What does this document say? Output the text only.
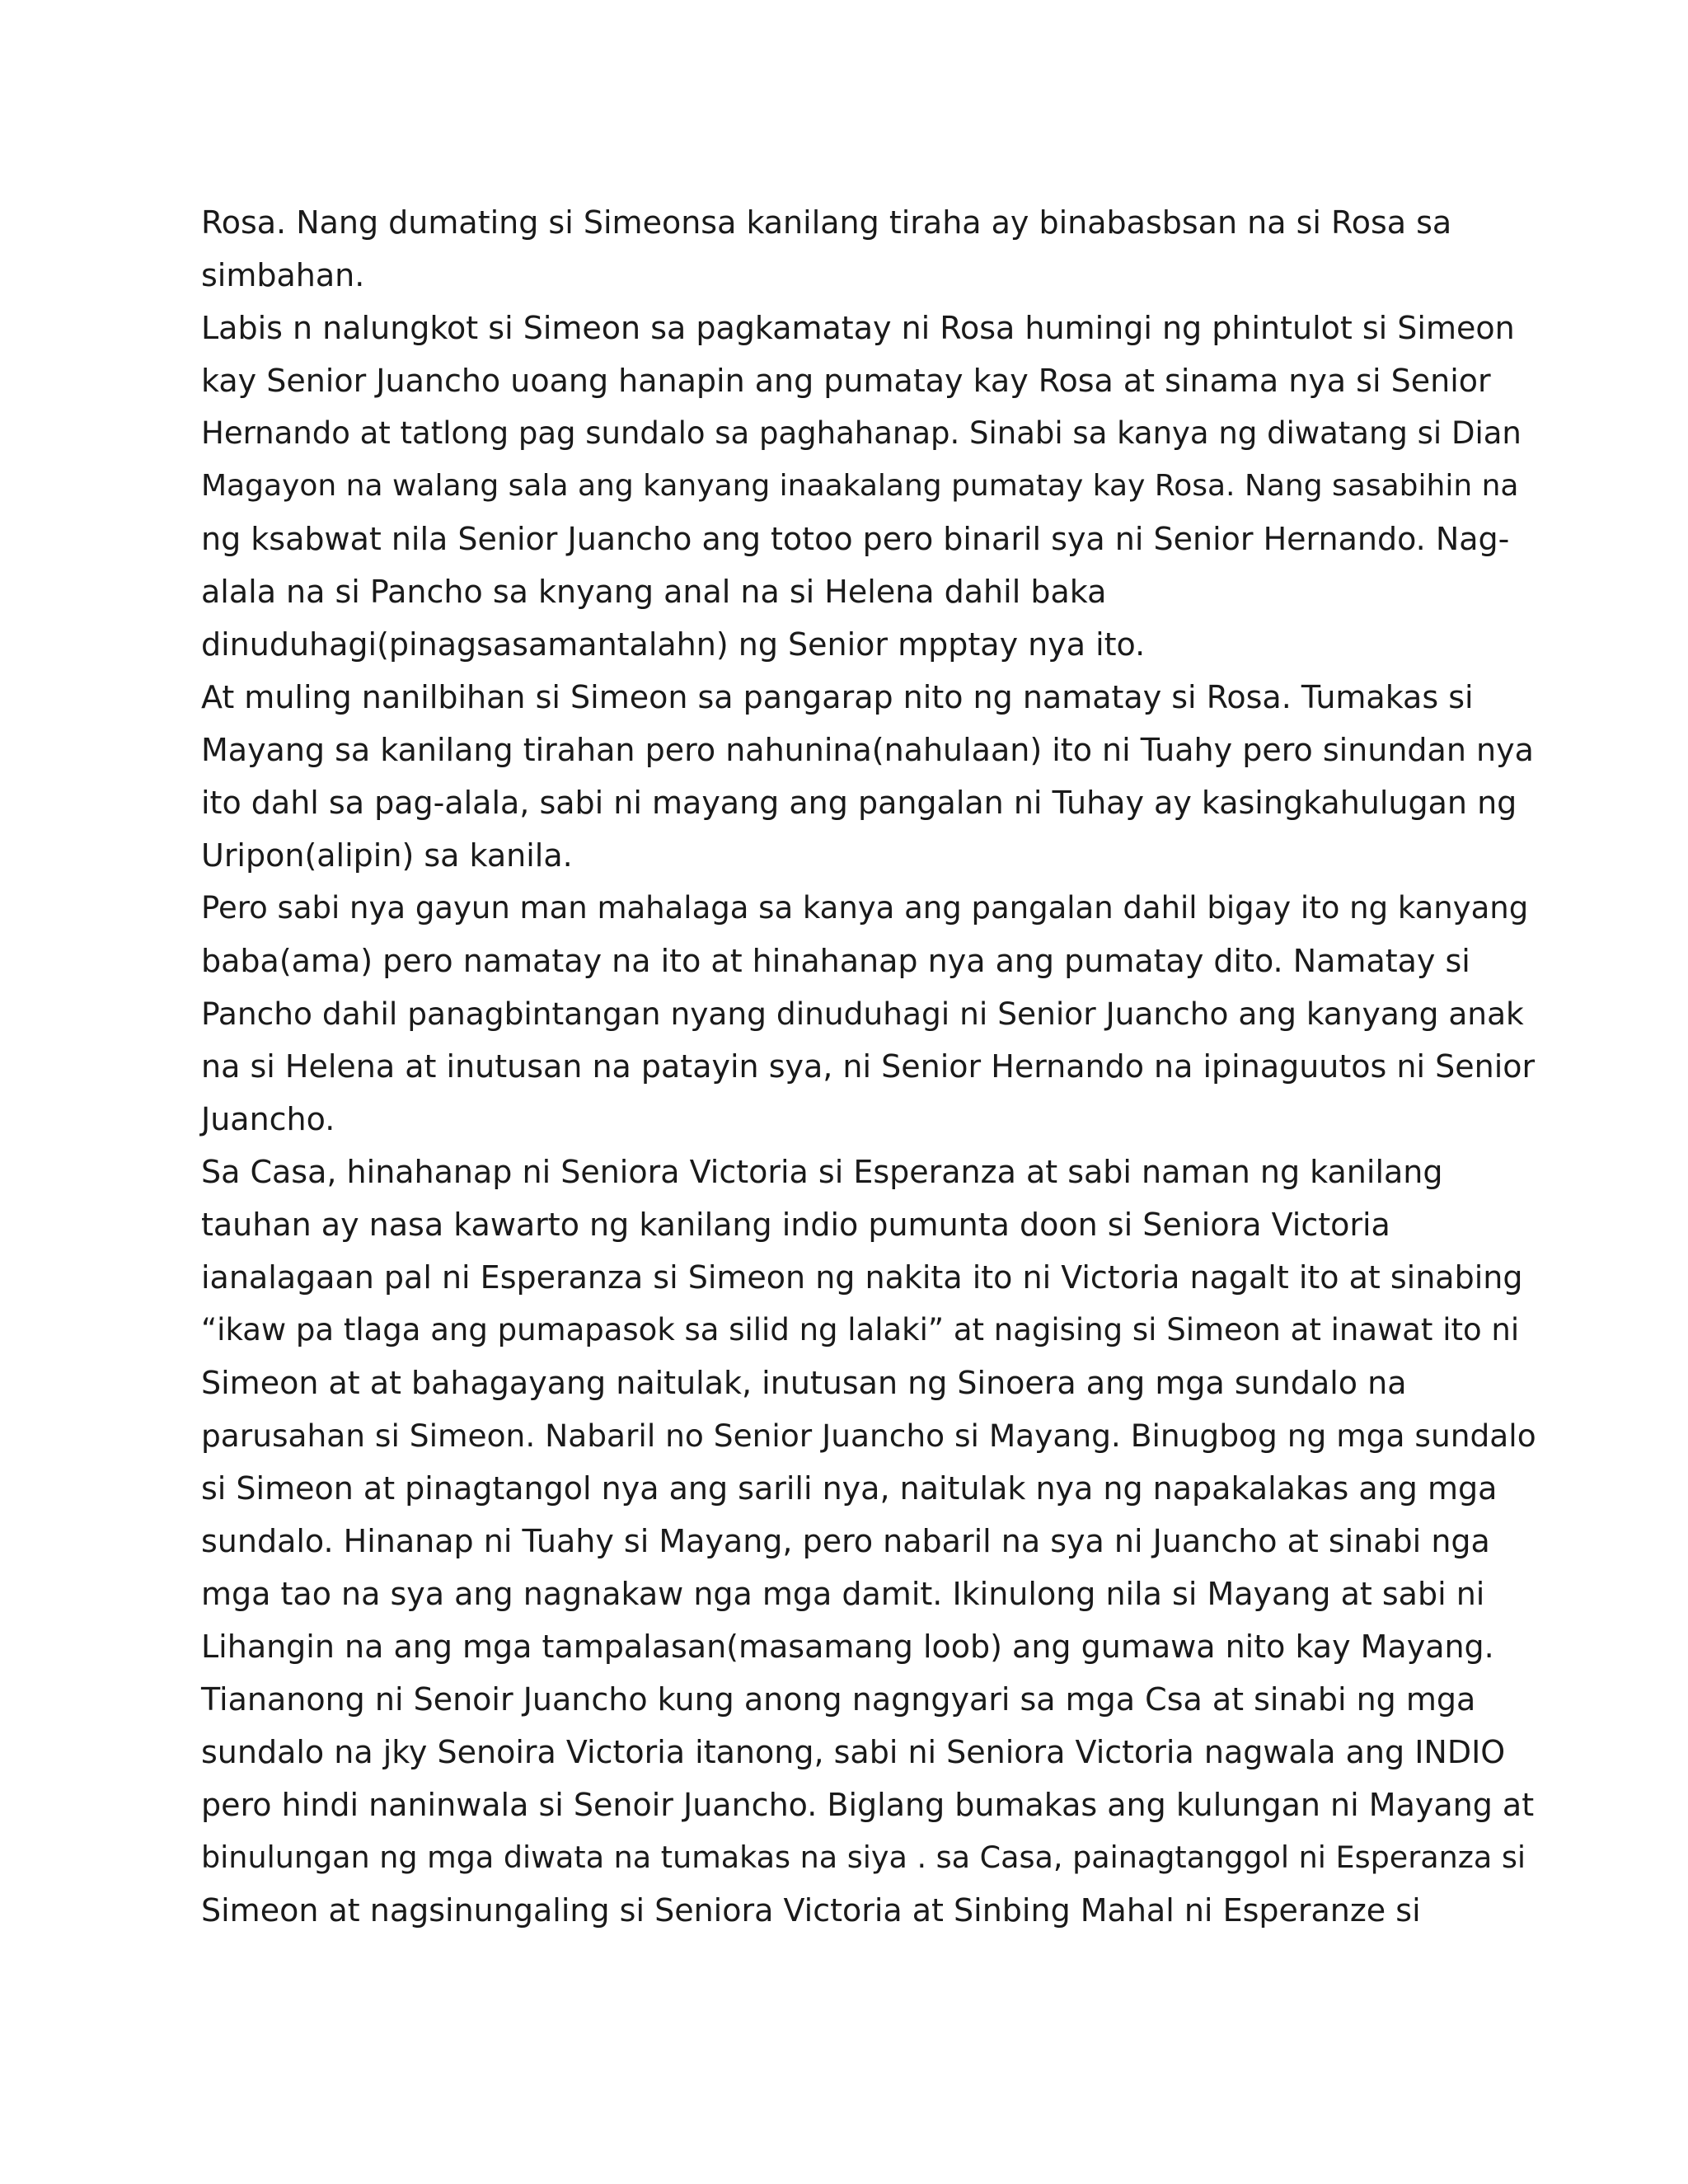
Rosa. Nang dumating si Simeonsa kanilang tiraha ay binabasbsan na si Rosa sa
simbahan.
Labis n nalungkot si Simeon sa pagkamatay ni Rosa humingi ng phintulot si Simeon
kay Senior Juancho uoang hanapin ang pumatay kay Rosa at sinama nya si Senior
Hernando at tatlong pag sundalo sa paghahanap. Sinabi sa kanya ng diwatang si Dian
Magayon na walang sala ang kanyang inaakalang pumatay kay Rosa. Nang sasabihin na
ng ksabwat nila Senior Juancho ang totoo pero binaril sya ni Senior Hernando. Nag-
alala na si Pancho sa knyang anal na si Helena dahil baka
dinuduhagi(pinagsasamantalahn) ng Senior mpptay nya ito.
At muling nanilbihan si Simeon sa pangarap nito ng namatay si Rosa. Tumakas si
Mayang sa kanilang tirahan pero nahunina(nahulaan) ito ni Tuahy pero sinundan nya
ito dahl sa pag-alala, sabi ni mayang ang pangalan ni Tuhay ay kasingkahulugan ng
Uripon(alipin) sa kanila.
Pero sabi nya gayun man mahalaga sa kanya ang pangalan dahil bigay ito ng kanyang
baba(ama) pero namatay na ito at hinahanap nya ang pumatay dito. Namatay si
Pancho dahil panagbintangan nyang dinuduhagi ni Senior Juancho ang kanyang anak
na si Helena at inutusan na patayin sya, ni Senior Hernando na ipinaguutos ni Senior
Juancho.
Sa Casa, hinahanap ni Seniora Victoria si Esperanza at sabi naman ng kanilang
tauhan ay nasa kawarto ng kanilang indio pumunta doon si Seniora Victoria
ianalagaan pal ni Esperanza si Simeon ng nakita ito ni Victoria nagalt ito at sinabing
“ikaw pa tlaga ang pumapasok sa silid ng lalaki” at nagising si Simeon at inawat ito ni
Simeon at at bahagayang naitulak, inutusan ng Sinoera ang mga sundalo na
parusahan si Simeon. Nabaril no Senior Juancho si Mayang. Binugbog ng mga sundalo
si Simeon at pinagtangol nya ang sarili nya, naitulak nya ng napakalakas ang mga
sundalo. Hinanap ni Tuahy si Mayang, pero nabaril na sya ni Juancho at sinabi nga
mga tao na sya ang nagnakaw nga mga damit. Ikinulong nila si Mayang at sabi ni
Lihangin na ang mga tampalasan(masamang loob) ang gumawa nito kay Mayang.
Tiananong ni Senoir Juancho kung anong nagngyari sa mga Csa at sinabi ng mga
sundalo na jky Senoira Victoria itanong, sabi ni Seniora Victoria nagwala ang INDIO
pero hindi naninwala si Senoir Juancho. Biglang bumakas ang kulungan ni Mayang at
binulungan ng mga diwata na tumakas na siya . sa Casa, painagtanggol ni Esperanza si
Simeon at nagsinungaling si Seniora Victoria at Sinbing Mahal ni Esperanze si
